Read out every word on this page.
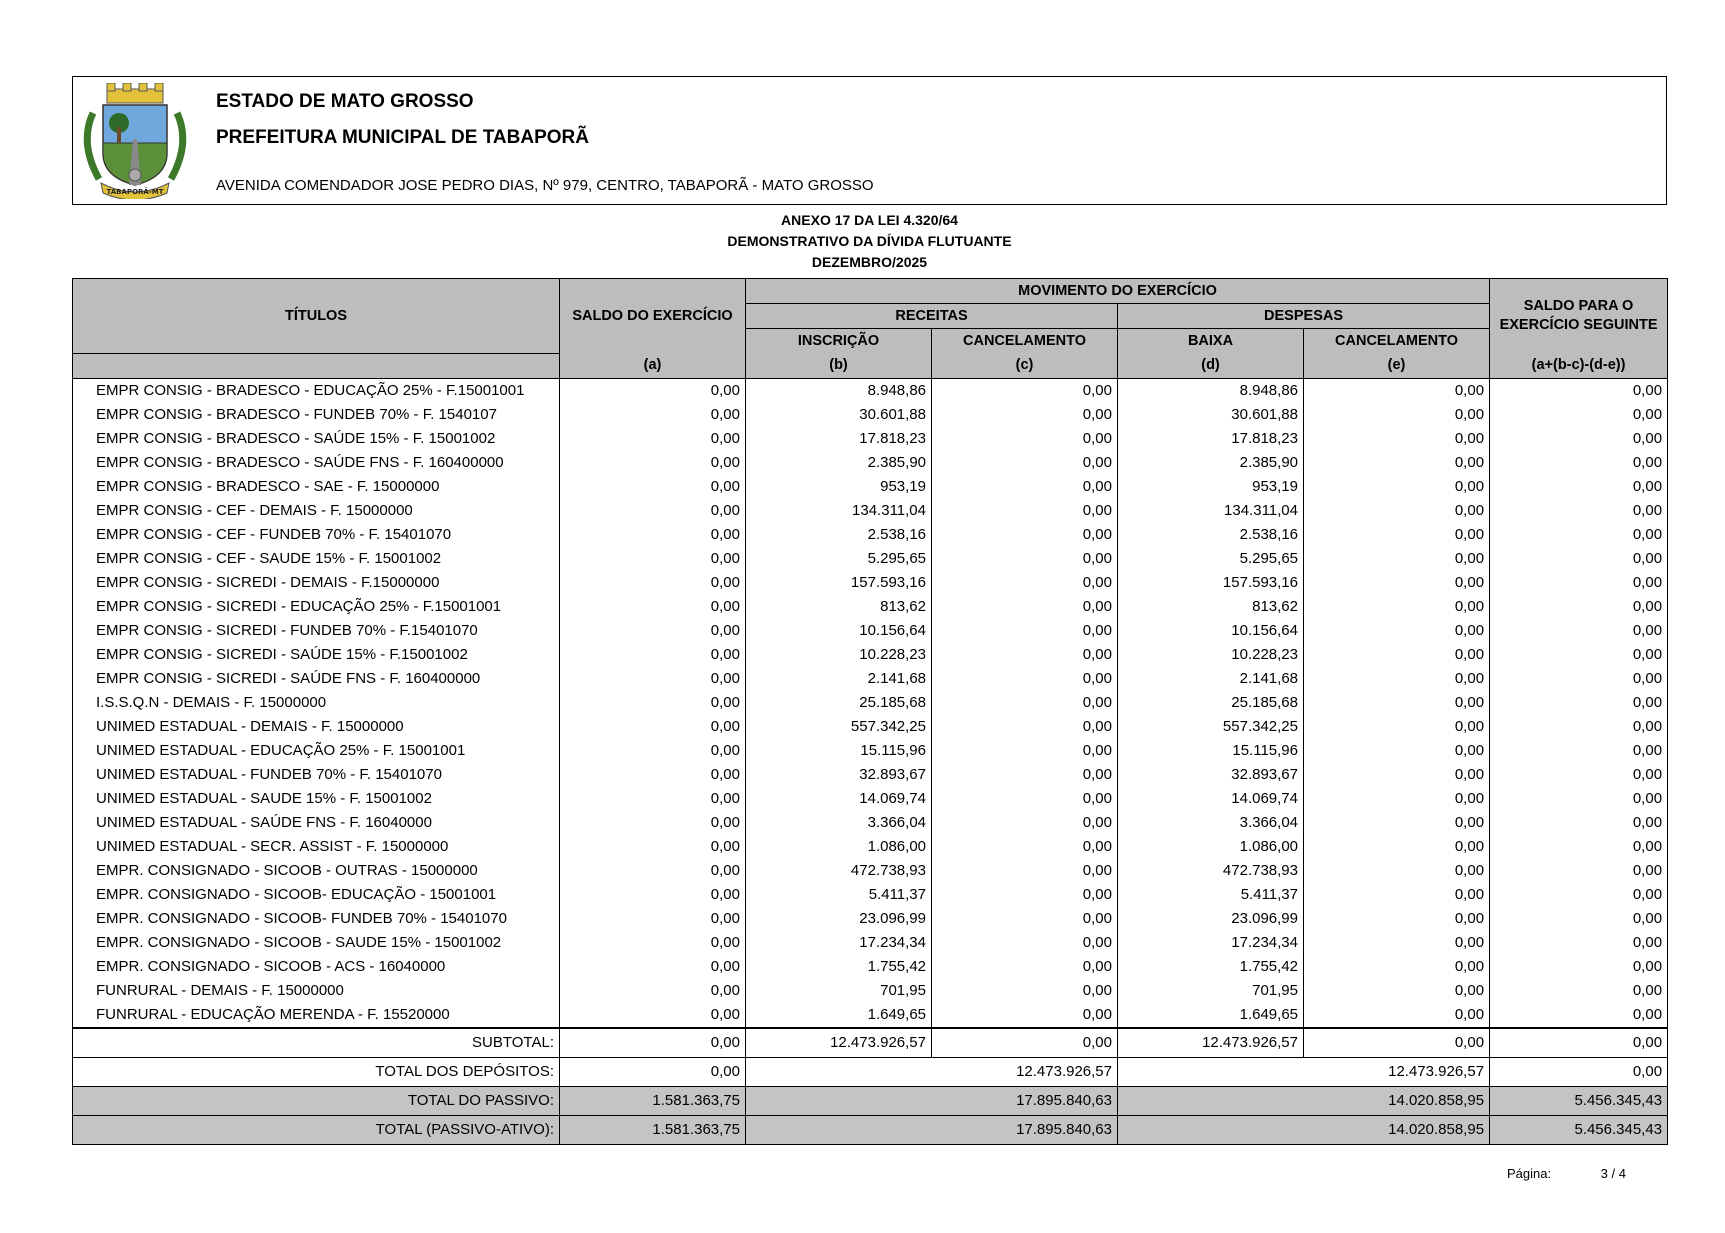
TABAPORÃ-MT
ESTADO DE MATO GROSSO
PREFEITURA MUNICIPAL DE TABAPORÃ
AVENIDA COMENDADOR JOSE PEDRO DIAS, Nº 979, CENTRO, TABAPORÃ - MATO GROSSO
ANEXO 17 DA LEI 4.320/64
DEMONSTRATIVO DA DÍVIDA FLUTUANTE
DEZEMBRO/2025
TÍTULOS	SALDO DO EXERCÍCIO	MOVIMENTO DO EXERCÍCIO				SALDO PARA O
EXERCÍCIO SEGUINTE

		RECEITAS		DESPESAS		
		INSCRIÇÃO	CANCELAMENTO	BAIXA	CANCELAMENTO	
	(a)	(b)	(c)	(d)	(e)	(a+(b-c)-(d-e))
EMPR CONSIG - BRADESCO - EDUCAÇÃO 25% - F.15001001	0,00	8.948,86	0,00	8.948,86	0,00	0,00
EMPR CONSIG - BRADESCO - FUNDEB 70% - F. 1540107	0,00	30.601,88	0,00	30.601,88	0,00	0,00
EMPR CONSIG - BRADESCO - SAÚDE 15% - F. 15001002	0,00	17.818,23	0,00	17.818,23	0,00	0,00
EMPR CONSIG - BRADESCO - SAÚDE FNS - F. 160400000	0,00	2.385,90	0,00	2.385,90	0,00	0,00
EMPR CONSIG - BRADESCO - SAE - F. 15000000	0,00	953,19	0,00	953,19	0,00	0,00
EMPR CONSIG - CEF - DEMAIS - F. 15000000	0,00	134.311,04	0,00	134.311,04	0,00	0,00
EMPR CONSIG - CEF - FUNDEB 70% - F. 15401070	0,00	2.538,16	0,00	2.538,16	0,00	0,00
EMPR CONSIG - CEF - SAUDE 15% - F. 15001002	0,00	5.295,65	0,00	5.295,65	0,00	0,00
EMPR CONSIG - SICREDI - DEMAIS - F.15000000	0,00	157.593,16	0,00	157.593,16	0,00	0,00
EMPR CONSIG - SICREDI - EDUCAÇÃO 25% - F.15001001	0,00	813,62	0,00	813,62	0,00	0,00
EMPR CONSIG - SICREDI - FUNDEB 70% - F.15401070	0,00	10.156,64	0,00	10.156,64	0,00	0,00
EMPR CONSIG - SICREDI - SAÚDE 15% - F.15001002	0,00	10.228,23	0,00	10.228,23	0,00	0,00
EMPR CONSIG - SICREDI - SAÚDE FNS - F. 160400000	0,00	2.141,68	0,00	2.141,68	0,00	0,00
I.S.S.Q.N - DEMAIS - F. 15000000	0,00	25.185,68	0,00	25.185,68	0,00	0,00
UNIMED ESTADUAL - DEMAIS - F. 15000000	0,00	557.342,25	0,00	557.342,25	0,00	0,00
UNIMED ESTADUAL - EDUCAÇÃO 25% - F. 15001001	0,00	15.115,96	0,00	15.115,96	0,00	0,00
UNIMED ESTADUAL - FUNDEB 70% - F. 15401070	0,00	32.893,67	0,00	32.893,67	0,00	0,00
UNIMED ESTADUAL - SAUDE 15% - F. 15001002	0,00	14.069,74	0,00	14.069,74	0,00	0,00
UNIMED ESTADUAL - SAÚDE FNS - F. 16040000	0,00	3.366,04	0,00	3.366,04	0,00	0,00
UNIMED ESTADUAL - SECR. ASSIST - F. 15000000	0,00	1.086,00	0,00	1.086,00	0,00	0,00
EMPR. CONSIGNADO - SICOOB - OUTRAS - 15000000	0,00	472.738,93	0,00	472.738,93	0,00	0,00
EMPR. CONSIGNADO - SICOOB- EDUCAÇÃO - 15001001	0,00	5.411,37	0,00	5.411,37	0,00	0,00
EMPR. CONSIGNADO - SICOOB- FUNDEB 70% - 15401070	0,00	23.096,99	0,00	23.096,99	0,00	0,00
EMPR. CONSIGNADO - SICOOB - SAUDE 15% - 15001002	0,00	17.234,34	0,00	17.234,34	0,00	0,00
EMPR. CONSIGNADO - SICOOB - ACS - 16040000	0,00	1.755,42	0,00	1.755,42	0,00	0,00
FUNRURAL - DEMAIS - F. 15000000	0,00	701,95	0,00	701,95	0,00	0,00
FUNRURAL - EDUCAÇÃO MERENDA - F. 15520000	0,00	1.649,65	0,00	1.649,65	0,00	0,00
SUBTOTAL:	0,00	12.473.926,57	0,00	12.473.926,57	0,00	0,00
TOTAL DOS DEPÓSITOS:	0,00	12.473.926,57		12.473.926,57		0,00
TOTAL DO PASSIVO:	1.581.363,75	17.895.840,63		14.020.858,95		5.456.345,43
TOTAL (PASSIVO-ATIVO):	1.581.363,75	17.895.840,63		14.020.858,95		5.456.345,43
Página:	3 / 4
